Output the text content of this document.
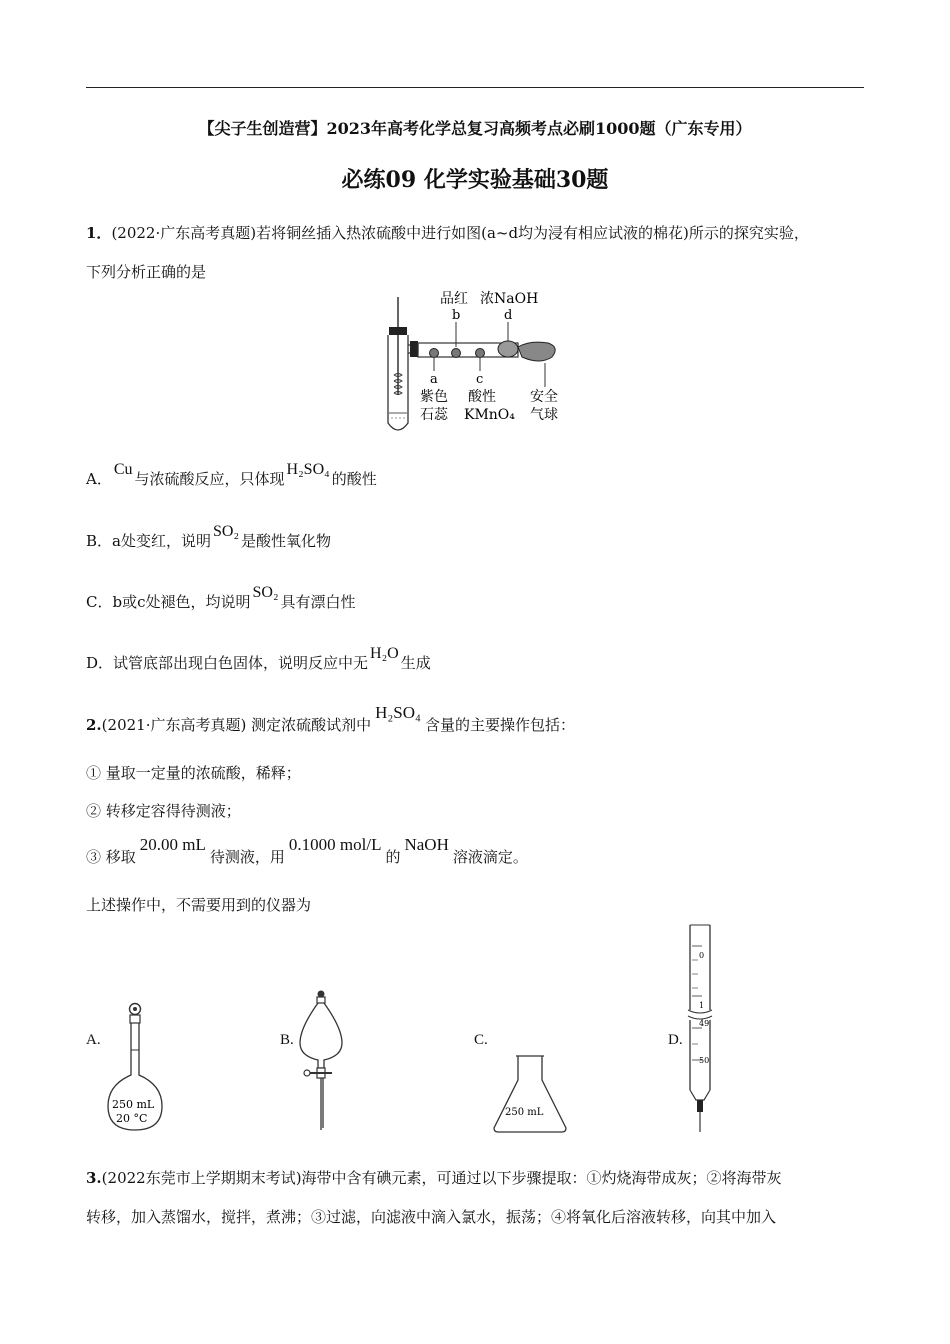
【尖子生创造营】2023年高考化学总复习高频考点必刷1000题（广东专用）
必练09 化学实验基础30题
1．(2022·广东高考真题)若将铜丝插入热浓硫酸中进行如图(a~d均为浸有相应试液的棉花)所示的探究实验，
下列分析正确的是
品红 浓NaOH
b	d
a	c
紫色
石蕊
酸性
KMnO₄
安全
气球
A．Cu与浓硫酸反应，只体现H₂SO₄的酸性
B．a处变红，说明SO₂是酸性氧化物
C．b或c处褪色，均说明SO₂具有漂白性
D．试管底部出现白色固体，说明反应中无H₂O生成
2.(2021·广东高考真题) 测定浓硫酸试剂中H₂SO₄含量的主要操作包括：
① 量取一定量的浓硫酸，稀释；
② 转移定容得待测液；
③ 移取20.00 mL待测液，用0.1000 mol/L的NaOH溶液滴定。
上述操作中，不需要用到的仪器为
A.	B.	C.	D.
250 mL
20 °C	250 mL
0
1
49
50
3.(2022东莞市上学期期末考试)海带中含有碘元素，可通过以下步骤提取：①灼烧海带成灰；②将海带灰
转移，加入蒸馏水，搅拌，煮沸；③过滤，向滤液中滴入氯水，振荡；④将氧化后溶液转移，向其中加入
